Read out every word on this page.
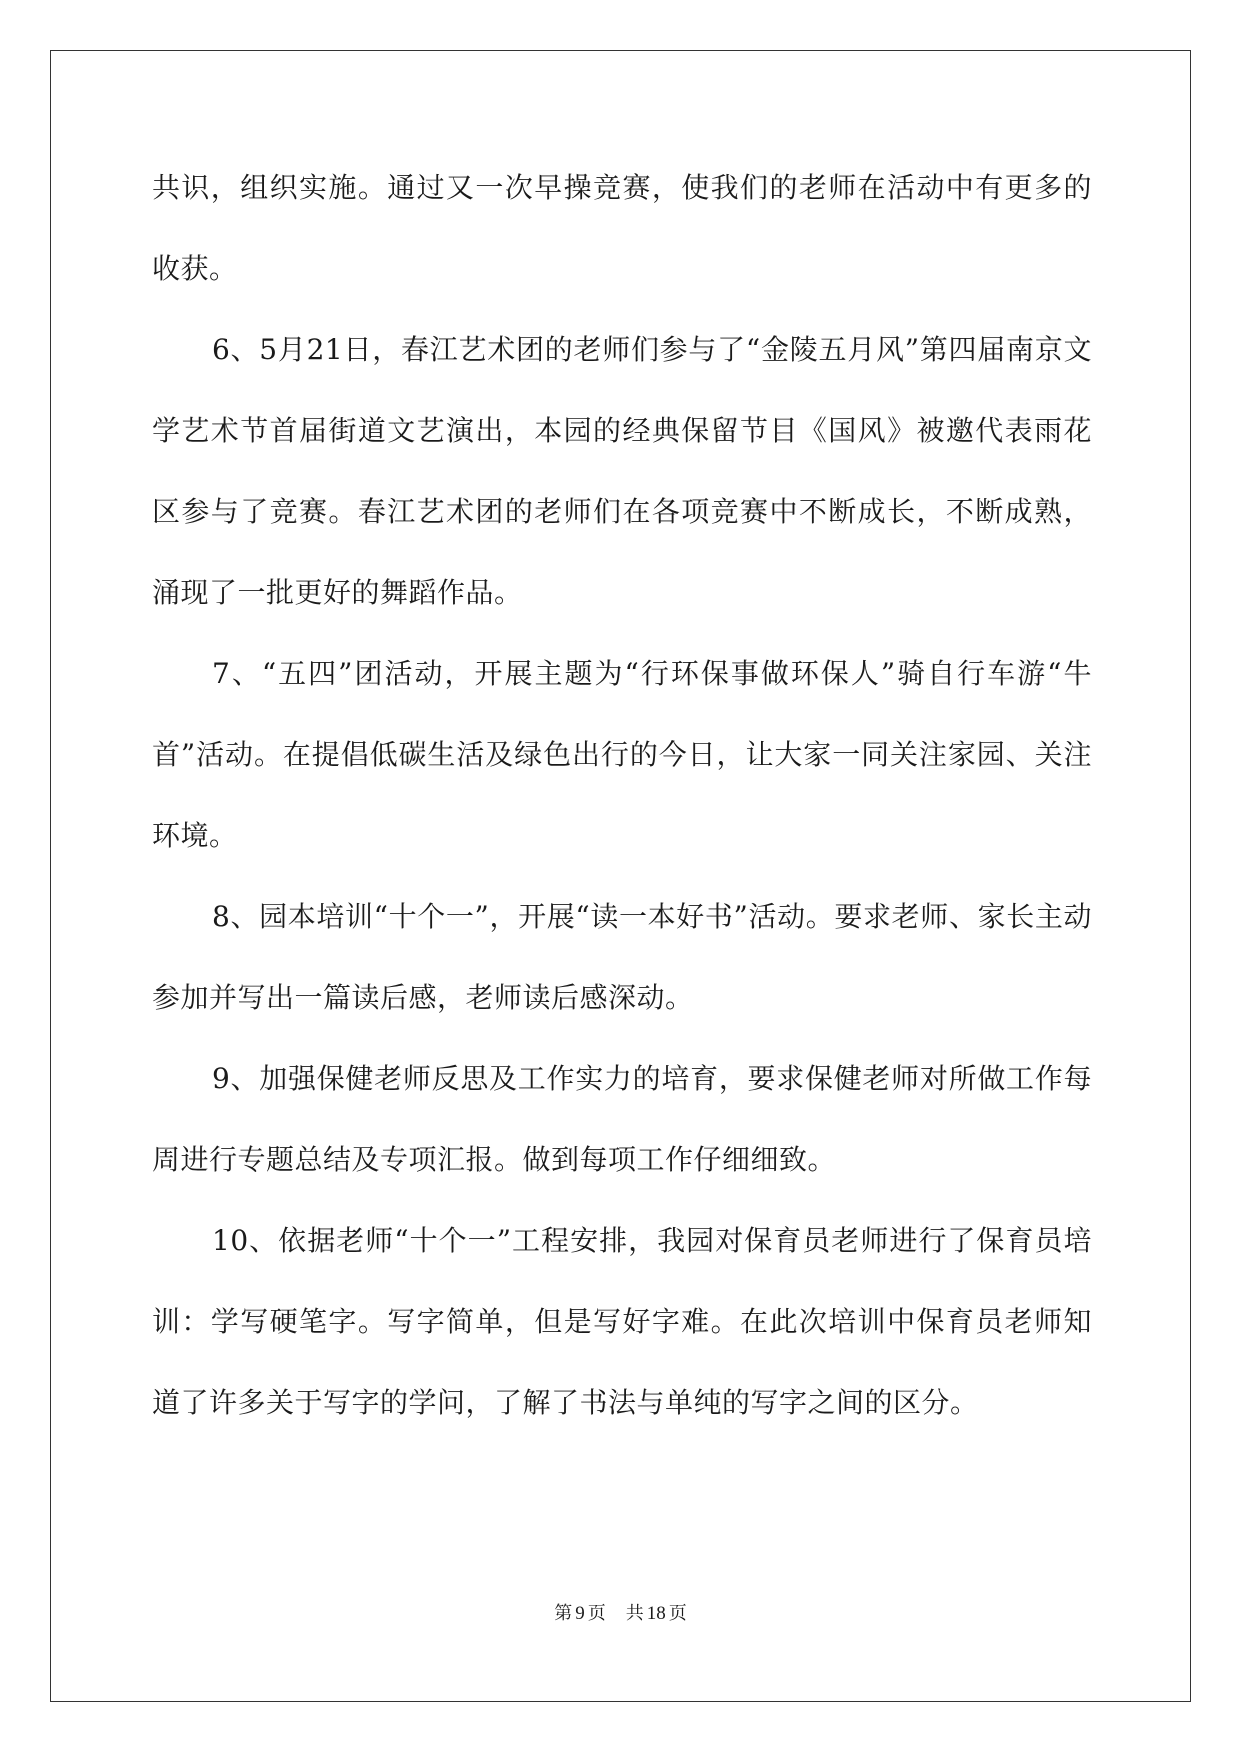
共识，组织实施。通过又一次早操竞赛，使我们的老师在活动中有更多的收获。

6、5月21日，春江艺术团的老师们参与了“金陵五月风”第四届南京文学艺术节首届街道文艺演出，本园的经典保留节目《国风》被邀代表雨花区参与了竞赛。春江艺术团的老师们在各项竞赛中不断成长，不断成熟，涌现了一批更好的舞蹈作品。

7、“五四”团活动，开展主题为“行环保事做环保人”骑自行车游“牛首”活动。在提倡低碳生活及绿色出行的今日，让大家一同关注家园、关注环境。

8、园本培训“十个一”，开展“读一本好书”活动。要求老师、家长主动参加并写出一篇读后感，老师读后感深动。

9、加强保健老师反思及工作实力的培育，要求保健老师对所做工作每周进行专题总结及专项汇报。做到每项工作仔细细致。

10、依据老师“十个一”工程安排，我园对保育员老师进行了保育员培训：学写硬笔字。写字简单，但是写好字难。在此次培训中保育员老师知道了许多关于写字的学问，了解了书法与单纯的写字之间的区分。

第 9 页 共 18 页
